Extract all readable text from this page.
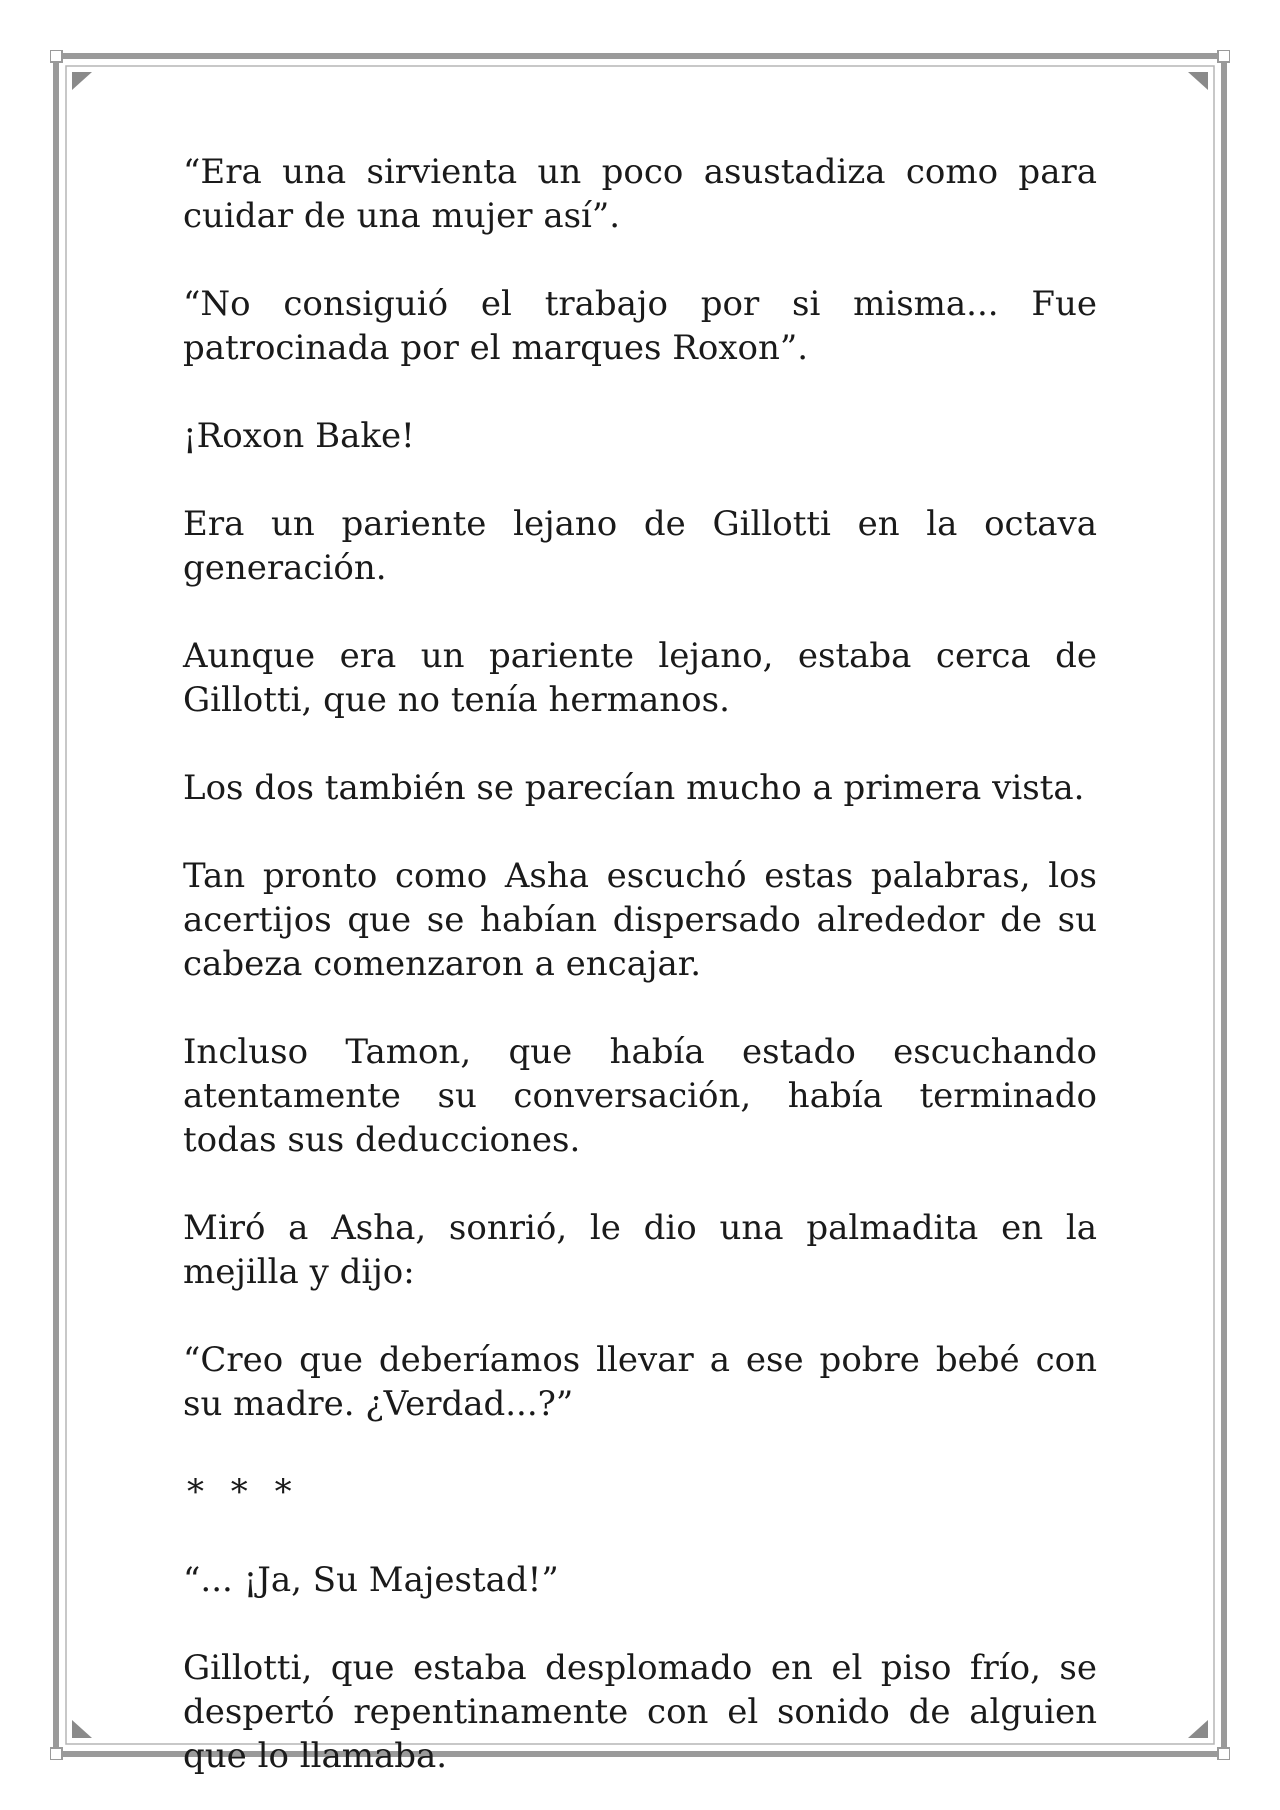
“Era una sirvienta un poco asustadiza como para cuidar de una mujer así”.

“No consiguió el trabajo por si misma... Fue patrocinada por el marques Roxon”.

¡Roxon Bake!

Era un pariente lejano de Gillotti en la octava generación.

Aunque era un pariente lejano, estaba cerca de Gillotti, que no tenía hermanos.

Los dos también se parecían mucho a primera vista.

Tan pronto como Asha escuchó estas palabras, los acertijos que se habían dispersado alrededor de su cabeza comenzaron a encajar.

Incluso Tamon, que había estado escuchando atentamente su conversación, había terminado todas sus deducciones.

Miró a Asha, sonrió, le dio una palmadita en la mejilla y dijo:

“Creo que deberíamos llevar a ese pobre bebé con su madre. ¿Verdad...?”

* * *

“... ¡Ja, Su Majestad!”

Gillotti, que estaba desplomado en el piso frío, se despertó repentinamente con el sonido de alguien que lo llamaba.
